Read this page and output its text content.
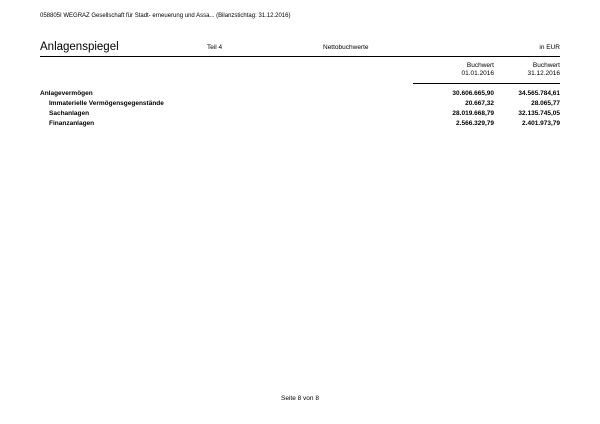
058805I WEGRAZ Gesellschaft für Stadt- erneuerung und Assa... (Bilanzstichtag: 31.12.2016)
Anlagenspiegel	Teil 4	Nettobuchwerte	in EUR
Buchwert
01.01.2016
Buchwert
31.12.2016
Anlagevermögen	30.606.665,90	34.565.784,61
Immaterielle Vermögensgegenstände	20.667,32	28.065,77
Sachanlagen	28.019.668,79	32.135.745,05
Finanzanlagen	2.566.329,79	2.401.973,79
Seite 8 von 8
